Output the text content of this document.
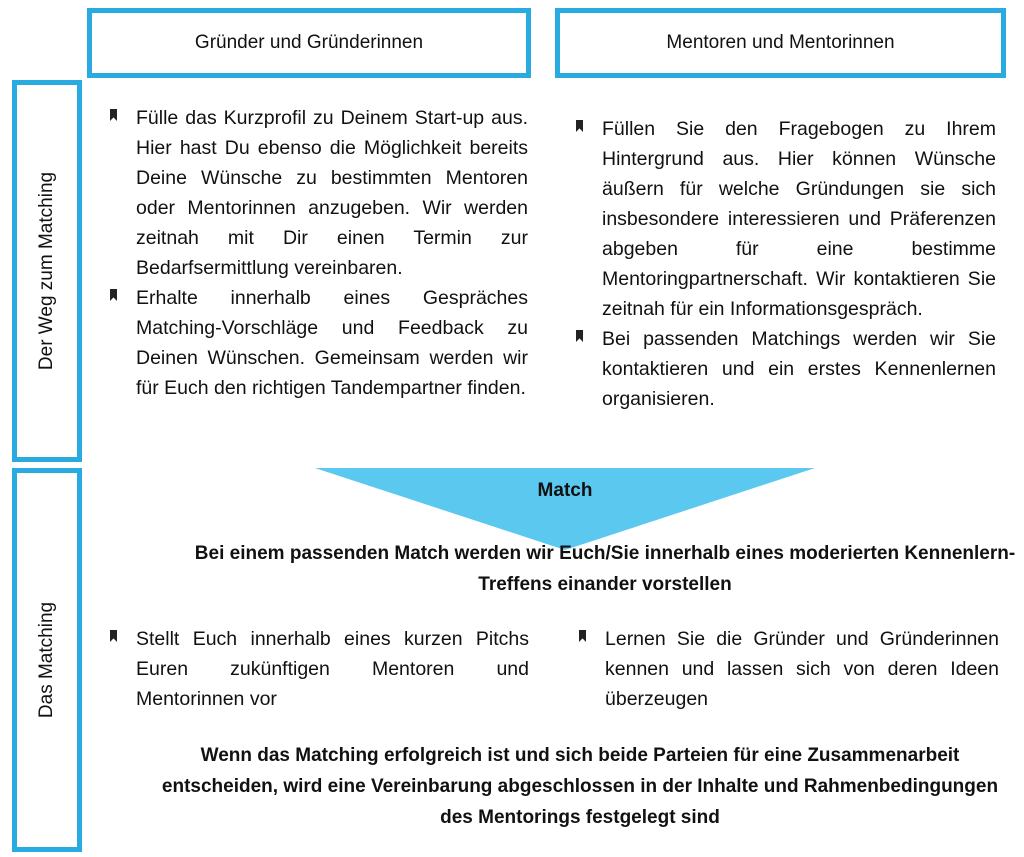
Gründer und Gründerinnen	Mentoren und Mentorinnen
Der Weg zum Matching
Das Matching
Fülle das Kurzprofil zu Deinem Start-up aus. Hier hast Du ebenso die Möglichkeit bereits Deine Wünsche zu bestimmten Mentoren oder Mentorinnen anzugeben. Wir werden zeitnah mit Dir einen Termin zur Bedarfsermittlung vereinbaren.
Erhalte innerhalb eines Gespräches Matching-Vorschläge und Feedback zu Deinen Wünschen. Gemeinsam werden wir für Euch den richtigen Tandempartner finden.
Füllen Sie den Fragebogen zu Ihrem Hintergrund aus. Hier können Wünsche äußern für welche Gründungen sie sich insbesondere interessieren und Präferenzen abgeben für eine bestimme Mentoringpartnerschaft. Wir kontaktieren Sie zeitnah für ein Informationsgespräch.
Bei passenden Matchings werden wir Sie kontaktieren und ein erstes Kennenlernen organisieren.
Match
Bei einem passenden Match werden wir Euch/Sie innerhalb eines moderierten Kennenlern-Treffens einander vorstellen
Stellt Euch innerhalb eines kurzen Pitchs Euren zukünftigen Mentoren und Mentorinnen vor
Lernen Sie die Gründer und Gründerinnen kennen und lassen sich von deren Ideen überzeugen
Wenn das Matching erfolgreich ist und sich beide Parteien für eine Zusammenarbeit entscheiden, wird eine Vereinbarung abgeschlossen in der Inhalte und Rahmenbedingungen des Mentorings festgelegt sind
